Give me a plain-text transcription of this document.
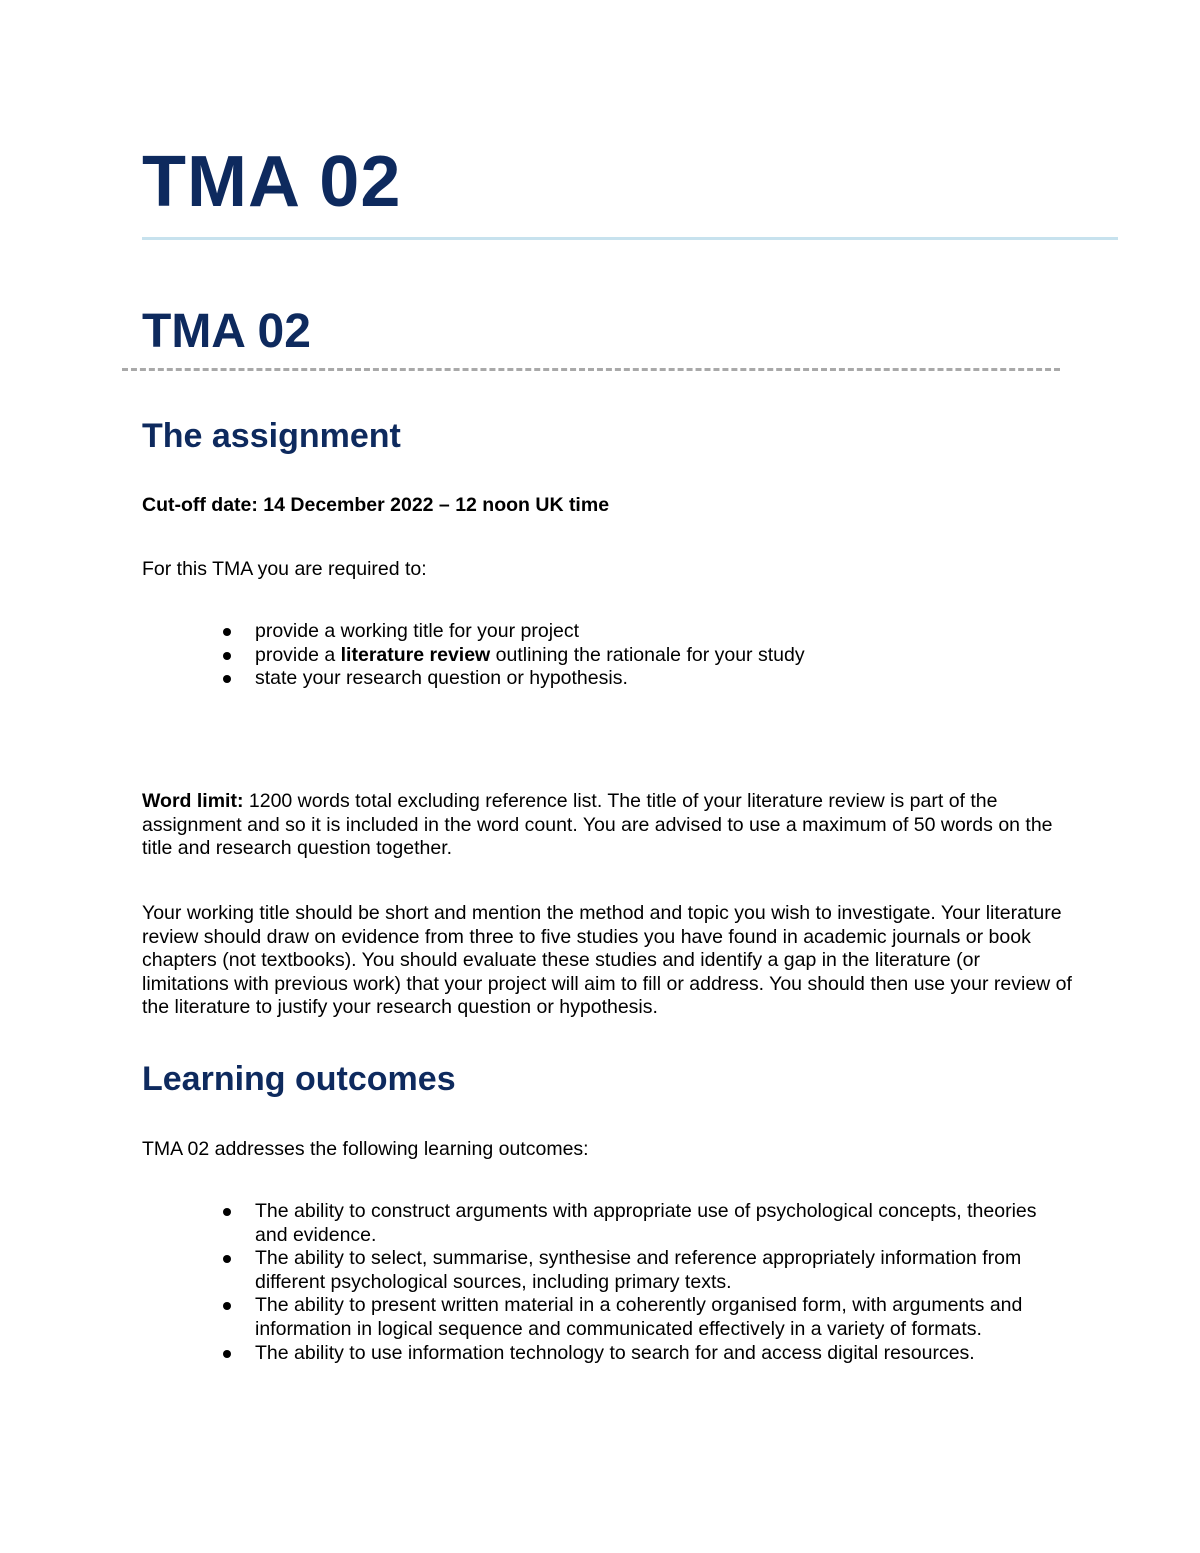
TMA 02
TMA 02
The assignment

Cut-off date: 14 December 2022 – 12 noon UK time

For this TMA you are required to:

provide a working title for your project
provide a literature review outlining the rationale for your study
state your research question or hypothesis.

Word limit: 1200 words total excluding reference list. The title of your literature review is part of the assignment and so it is included in the word count. You are advised to use a maximum of 50 words on the title and research question together.

Your working title should be short and mention the method and topic you wish to investigate. Your literature review should draw on evidence from three to five studies you have found in academic journals or book chapters (not textbooks). You should evaluate these studies and identify a gap in the literature (or limitations with previous work) that your project will aim to fill or address. You should then use your review of the literature to justify your research question or hypothesis.

Learning outcomes

TMA 02 addresses the following learning outcomes:

The ability to construct arguments with appropriate use of psychological concepts, theories and evidence.
The ability to select, summarise, synthesise and reference appropriately information from different psychological sources, including primary texts.
The ability to present written material in a coherently organised form, with arguments and information in logical sequence and communicated effectively in a variety of formats.
The ability to use information technology to search for and access digital resources.
